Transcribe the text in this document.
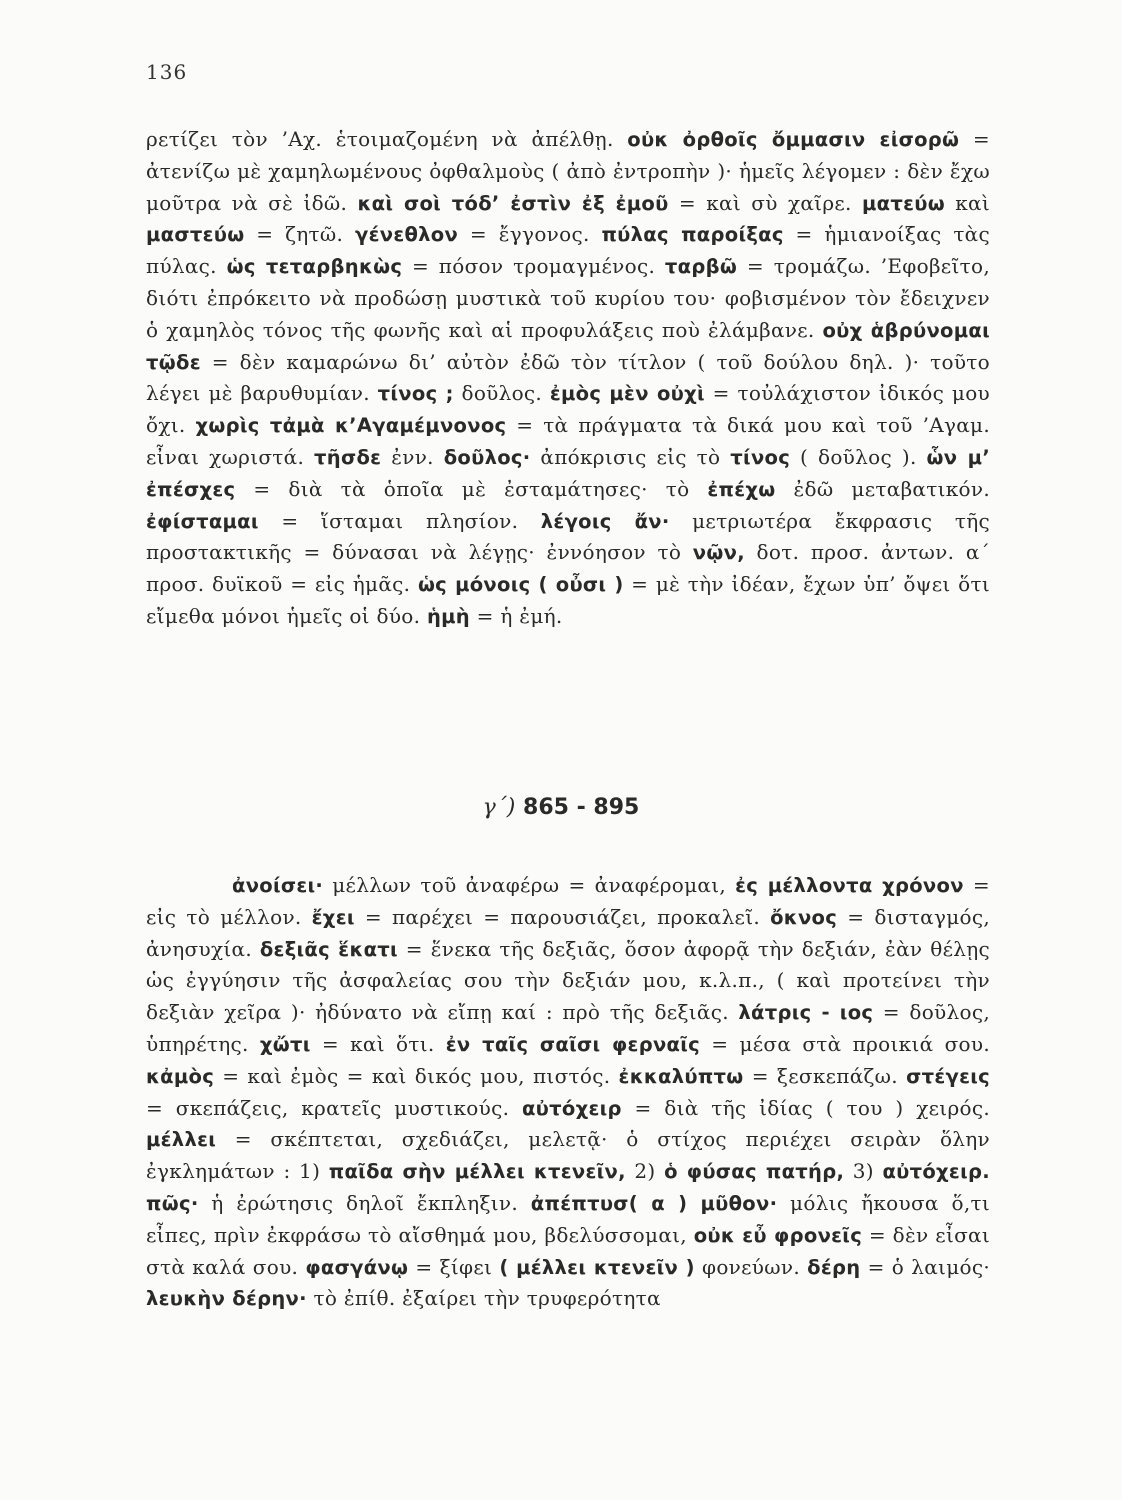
136
ρετίζει τὸν ’Αχ. ἑτοιμαζομένη νὰ ἀπέλθῃ. οὐκ ὀρθοῖς ὄμμασιν εἰσορῶ = ἀτενίζω μὲ χαμηλωμένους ὀφθαλμοὺς ( ἀπὸ ἐντροπὴν )· ἡμεῖς λέγομεν : δὲν ἔχω μοῦτρα νὰ σὲ ἰδῶ. καὶ σοὶ τόδ’ ἐστὶν ἐξ ἐμοῦ = καὶ σὺ χαῖρε. ματεύω καὶ μαστεύω = ζητῶ. γένεθλον = ἔγγονος. πύλας παροίξας = ἡμιανοίξας τὰς πύλας. ὡς τεταρβηκὼς = πόσον τρομαγμένος. ταρβῶ = τρομάζω. ’Εφοβεῖτο, διότι ἐπρόκειτο νὰ προδώσῃ μυστικὰ τοῦ κυρίου του· φοβισμένον τὸν ἔδειχνεν ὁ χαμηλὸς τόνος τῆς φωνῆς καὶ αἱ προφυλάξεις ποὺ ἐλάμβανε. οὐχ ἁβρύνομαι τῷδε = δὲν καμαρώνω δι’ αὐτὸν ἐδῶ τὸν τίτλον ( τοῦ δούλου δηλ. )· τοῦτο λέγει μὲ βαρυθυμίαν. τίνος ; δοῦλος. ἐμὸς μὲν οὐχὶ = τοὐλάχιστον ἰδικός μου ὄχι. χωρὶς τἀμὰ κ’Αγαμέμνονος = τὰ πράγματα τὰ δικά μου καὶ τοῦ ’Αγαμ. εἶναι χωριστά. τῆσδε ἐνν. δοῦλος· ἀπόκρισις εἰς τὸ τίνος ( δοῦλος ). ὧν μ’ ἐπέσχες = διὰ τὰ ὁποῖα μὲ ἐσταμάτησες· τὸ ἐπέχω ἐδῶ μεταβατικόν. ἐφίσταμαι = ἵσταμαι πλησίον. λέγοις ἄν· μετριωτέρα ἔκφρασις τῆς προστακτικῆς = δύνασαι νὰ λέγῃς· ἐννόησον τὸ νῷν, δοτ. προσ. ἀντων. α΄ προσ. δυϊκοῦ = εἰς ἡμᾶς. ὡς μόνοις ( οὖσι ) = μὲ τὴν ἰδέαν, ἔχων ὑπ’ ὄψει ὅτι εἴμεθα μόνοι ἡμεῖς οἱ δύο. ἡμὴ = ἡ ἐμή.
γ΄) 865 - 895
ἀνοίσει· μέλλων τοῦ ἀναφέρω = ἀναφέρομαι, ἐς μέλλοντα χρόνον = εἰς τὸ μέλλον. ἔχει = παρέχει = παρουσιάζει, προκαλεῖ. ὄκνος = δισταγμός, ἀνησυχία. δεξιᾶς ἕκατι = ἕνεκα τῆς δεξιᾶς, ὅσον ἀφορᾷ τὴν δεξιάν, ἐὰν θέλῃς ὡς ἐγγύησιν τῆς ἀσφαλείας σου τὴν δεξιάν μου, κ.λ.π., ( καὶ προτείνει τὴν δεξιὰν χεῖρα )· ἠδύνατο νὰ εἴπῃ καί : πρὸ τῆς δεξιᾶς. λάτρις - ιος = δοῦλος, ὑπηρέτης. χὤτι = καὶ ὅτι. ἐν ταῖς σαῖσι φερναῖς = μέσα στὰ προικιά σου. κἀμὸς = καὶ ἐμὸς = καὶ δικός μου, πιστός. ἐκκαλύπτω = ξεσκεπάζω. στέγεις = σκεπάζεις, κρατεῖς μυστικούς. αὐτόχειρ = διὰ τῆς ἰδίας ( του ) χειρός. μέλλει = σκέπτεται, σχεδιάζει, μελετᾷ· ὁ στίχος περιέχει σειρὰν ὅλην ἐγκλημάτων : 1) παῖδα σὴν μέλλει κτενεῖν, 2) ὁ φύσας πατήρ, 3) αὐτόχειρ. πῶς· ἡ ἐρώτησις δηλοῖ ἔκπληξιν. ἀπέπτυσ( α ) μῦθον· μόλις ἤκουσα ὅ,τι εἶπες, πρὶν ἐκφράσω τὸ αἴσθημά μου, βδελύσσομαι, οὐκ εὖ φρονεῖς = δὲν εἶσαι στὰ καλά σου. φασγάνῳ = ξίφει ( μέλλει κτενεῖν ) φονεύων. δέρη = ὁ λαιμός· λευκὴν δέρην· τὸ ἐπίθ. ἐξαίρει τὴν τρυφερότητα
